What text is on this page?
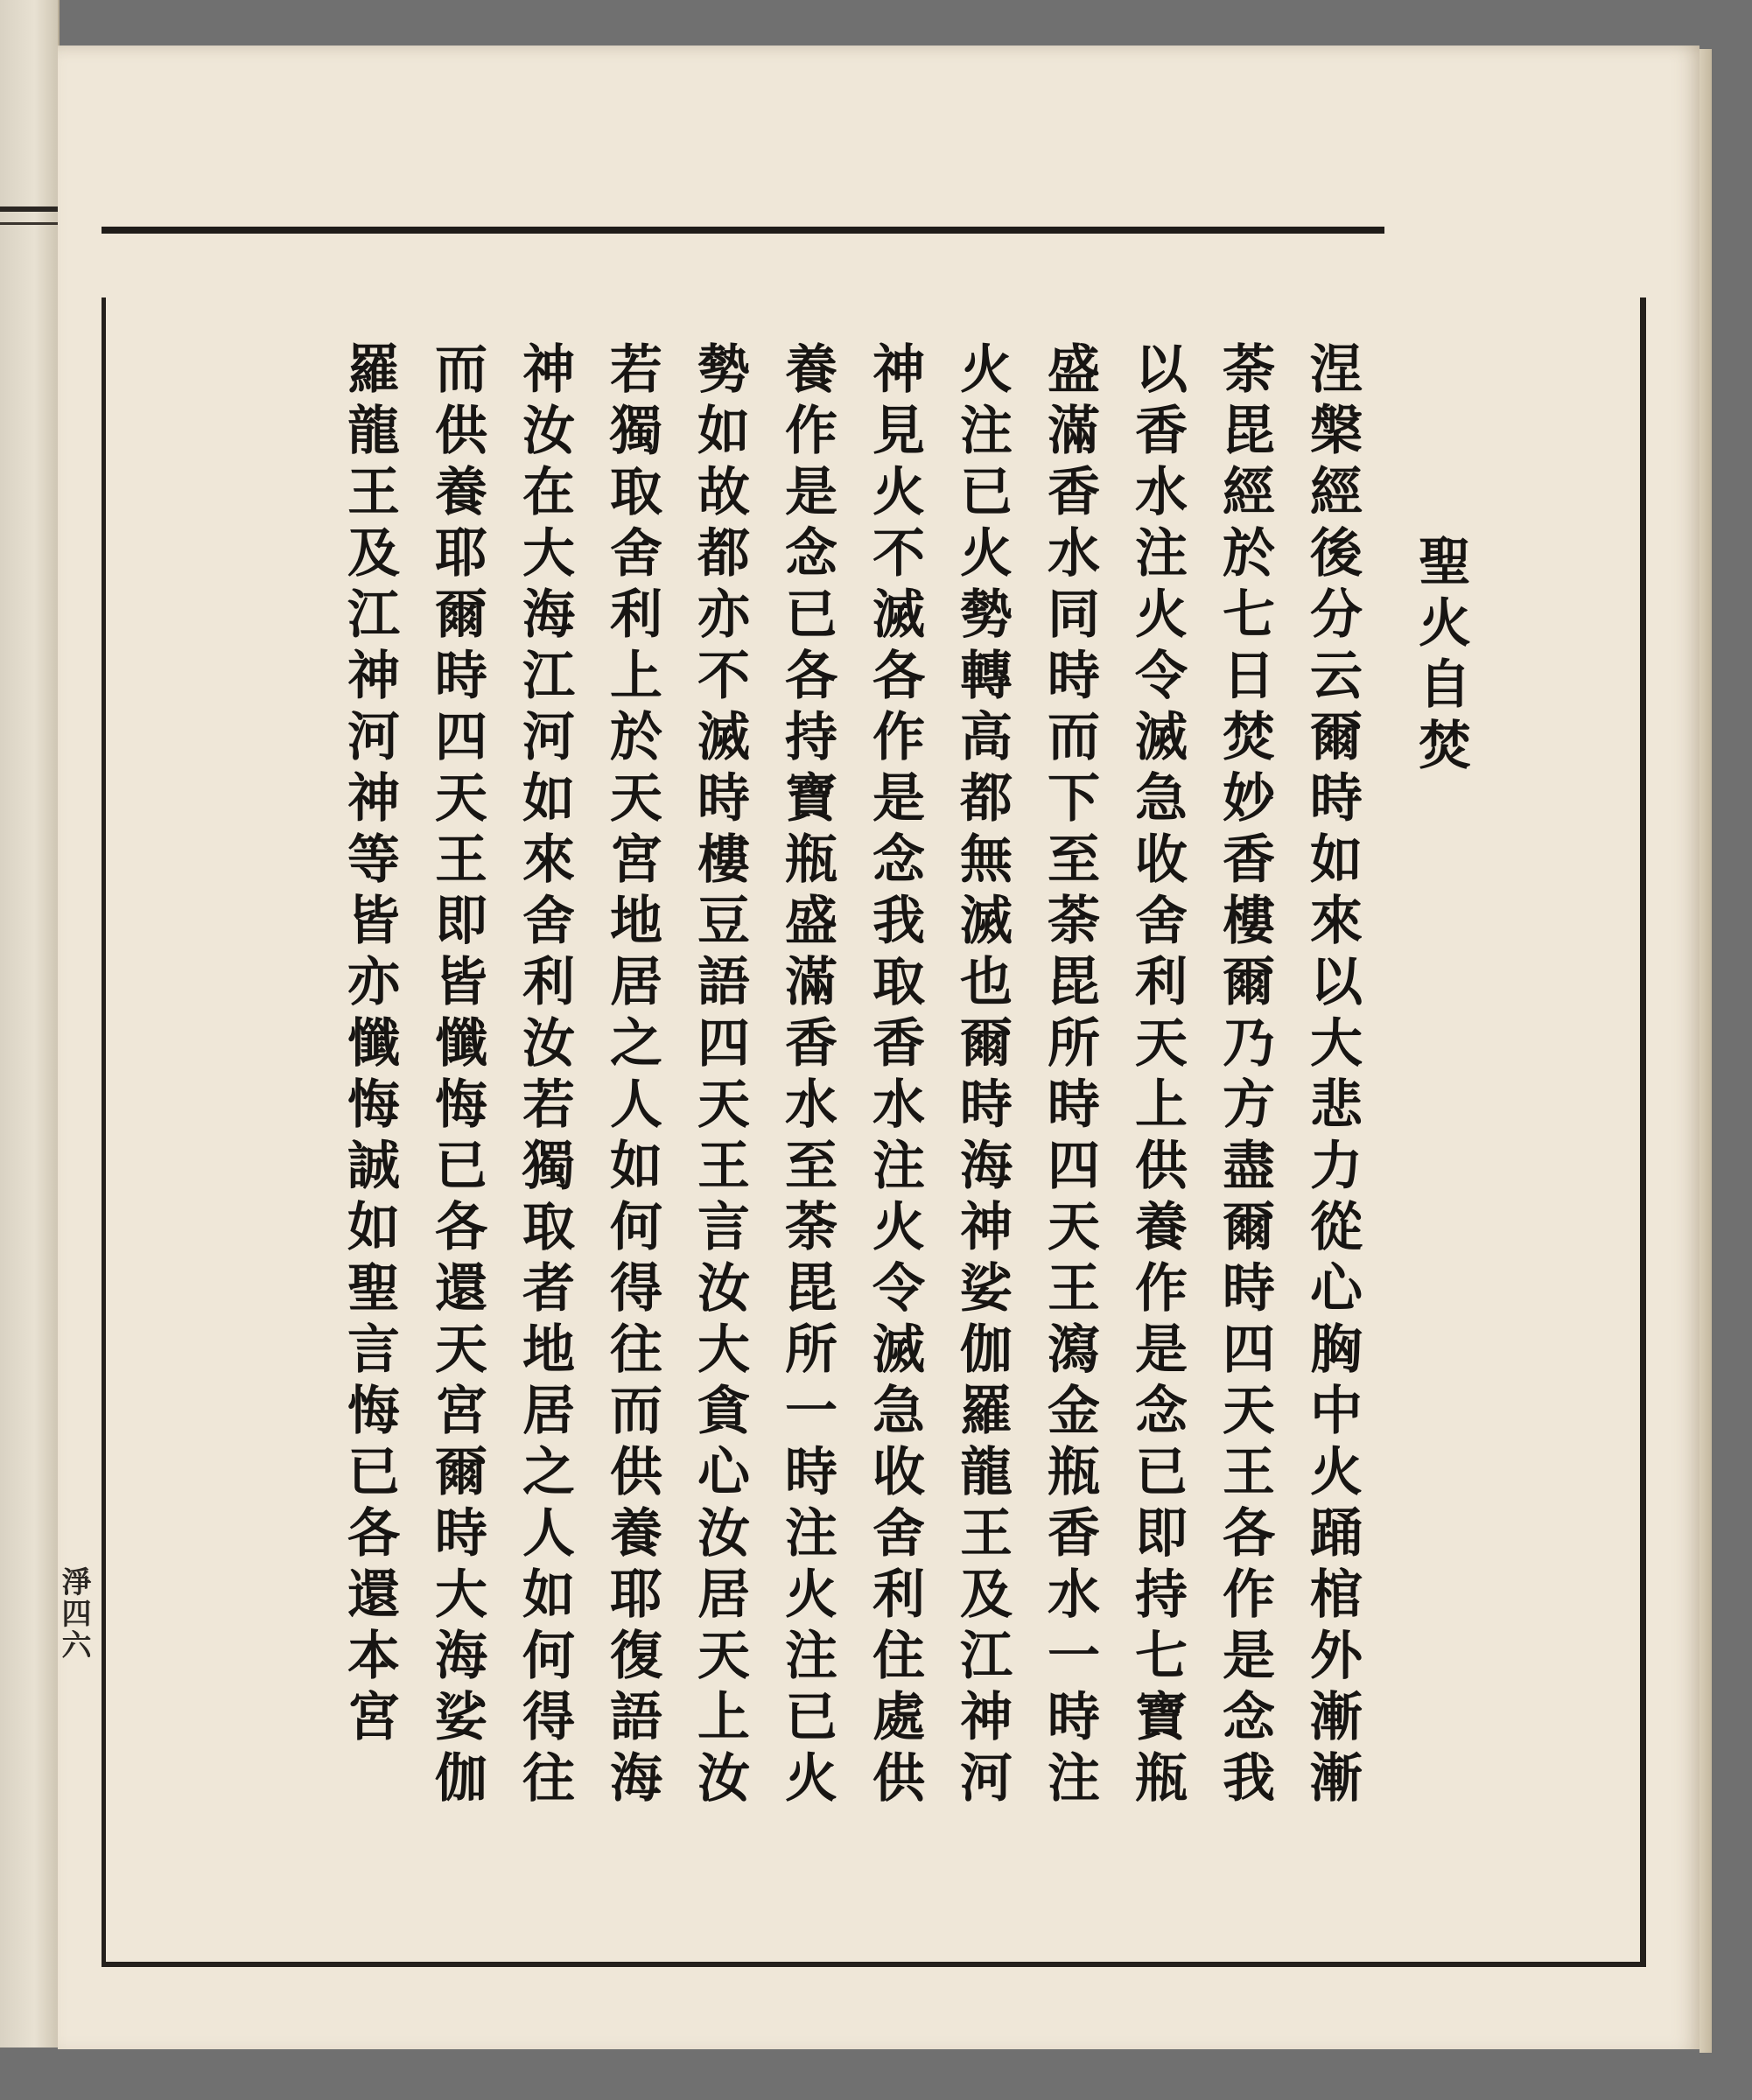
聖火自焚
涅槃經後分云爾時如來以大悲力從心胸中火踊棺外漸漸
荼毘經於七日焚妙香樓爾乃方盡爾時四天王各作是念我
以香水注火令滅急收舍利天上供養作是念已即持七寶瓶
盛滿香水同時而下至荼毘所時四天王瀉金瓶香水一時注
火注已火勢轉高都無滅也爾時海神娑伽羅龍王及江神河
神見火不滅各作是念我取香水注火令滅急收舍利住處供
養作是念已各持寶瓶盛滿香水至荼毘所一時注火注已火
勢如故都亦不滅時樓豆語四天王言汝大貪心汝居天上汝
若獨取舍利上於天宮地居之人如何得往而供養耶復語海
神汝在大海江河如來舍利汝若獨取者地居之人如何得往
而供養耶爾時四天王即皆懺悔已各還天宮爾時大海娑伽
羅龍王及江神河神等皆亦懺悔誠如聖言悔已各還本宮
淨四六
